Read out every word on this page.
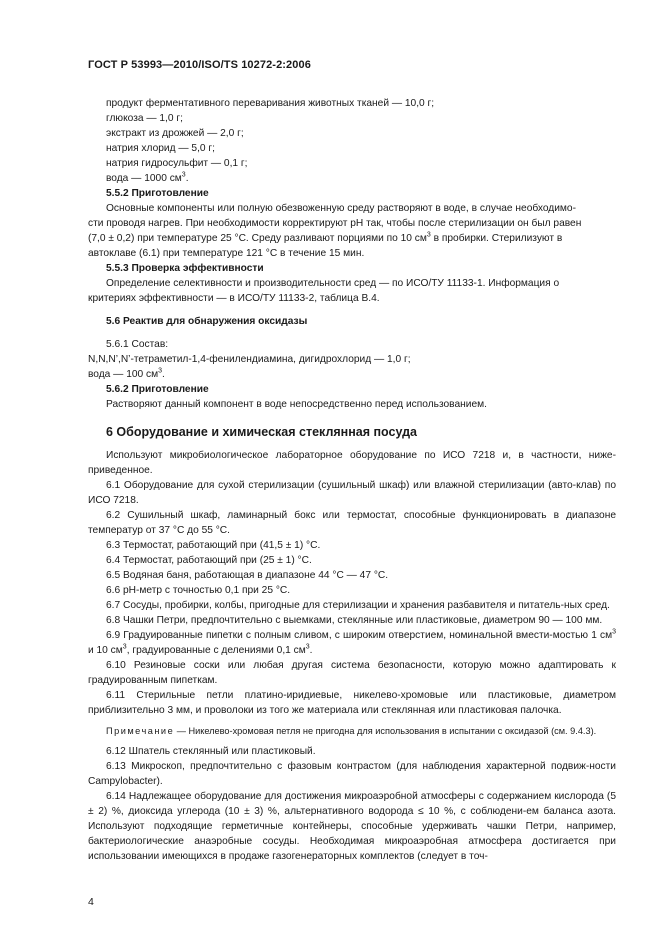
ГОСТ Р 53993—2010/ISO/TS 10272-2:2006
продукт ферментативного переваривания животных тканей — 10,0 г;
глюкоза — 1,0 г;
экстракт из дрожжей — 2,0 г;
натрия хлорид — 5,0 г;
натрия гидросульфит — 0,1 г;
вода — 1000 $см^3$.
5.5.2 Приготовление
Основные компоненты или полную обезвоженную среду растворяют в воде, в случае необходимо-
сти проводя нагрев. При необходимости корректируют pH так, чтобы после стерилизации он был равен
(7,0 ± 0,2) при температуре 25 °С. Среду разливают порциями по 10 $см^3$ в пробирки. Стерилизуют в
автоклаве (6.1) при температуре 121 °С в течение 15 мин.
5.5.3 Проверка эффективности
Определение селективности и производительности сред — по ИСО/ТУ 11133-1. Информация о
критериях эффективности — в ИСО/ТУ 11133-2, таблица В.4.
5.6 Реактив для обнаружения оксидазы
5.6.1 Состав:
N,N,N’,N’-тетраметил-1,4-фенилендиамина, дигидрохлорид — 1,0 г;
вода — 100 $см^3$.
5.6.2 Приготовление
Растворяют данный компонент в воде непосредственно перед использованием.
6 Оборудование и химическая стеклянная посуда
Используют микробиологическое лабораторное оборудование по ИСО 7218 и, в частности, ниже-приведенное.
6.1 Оборудование для сухой стерилизации (сушильный шкаф) или влажной стерилизации (авто-клав) по ИСО 7218.
6.2 Сушильный шкаф, ламинарный бокс или термостат, способные функционировать в диапазоне температур от 37 °С до 55 °С.
6.3 Термостат, работающий при (41,5 ± 1) °С.
6.4 Термостат, работающий при (25 ± 1) °С.
6.5 Водяная баня, работающая в диапазоне 44 °С — 47 °С.
6.6 pH-метр с точностью 0,1 при 25 °С.
6.7 Сосуды, пробирки, колбы, пригодные для стерилизации и хранения разбавителя и питатель-ных сред.
6.8 Чашки Петри, предпочтительно с выемками, стеклянные или пластиковые, диаметром 90 — 100 мм.
6.9 Градуированные пипетки с полным сливом, с широким отверстием, номинальной вмести-мостью 1 $см^3$ и 10 $см^3$, градуированные с делениями 0,1 $см^3$.
6.10 Резиновые соски или любая другая система безопасности, которую можно адаптировать к градуированным пипеткам.
6.11 Стерильные петли платино-иридиевые, никелево-хромовые или пластиковые, диаметром приблизительно 3 мм, и проволоки из того же материала или стеклянная или пластиковая палочка.
Примечание — Никелево-хромовая петля не пригодна для использования в испытании с оксидазой (см. 9.4.3).
6.12 Шпатель стеклянный или пластиковый.
6.13 Микроскоп, предпочтительно с фазовым контрастом (для наблюдения характерной подвиж-ности Campylobacter).
6.14 Надлежащее оборудование для достижения микроаэробной атмосферы с содержанием кислорода (5 ± 2) %, диоксида углерода (10 ± 3) %, альтернативного водорода ≤ 10 %, с соблюдени-ем баланса азота. Используют подходящие герметичные контейнеры, способные удерживать чашки Петри, например, бактериологические анаэробные сосуды. Необходимая микроаэробная атмосфера достигается при использовании имеющихся в продаже газогенераторных комплектов (следует в точ-
4
